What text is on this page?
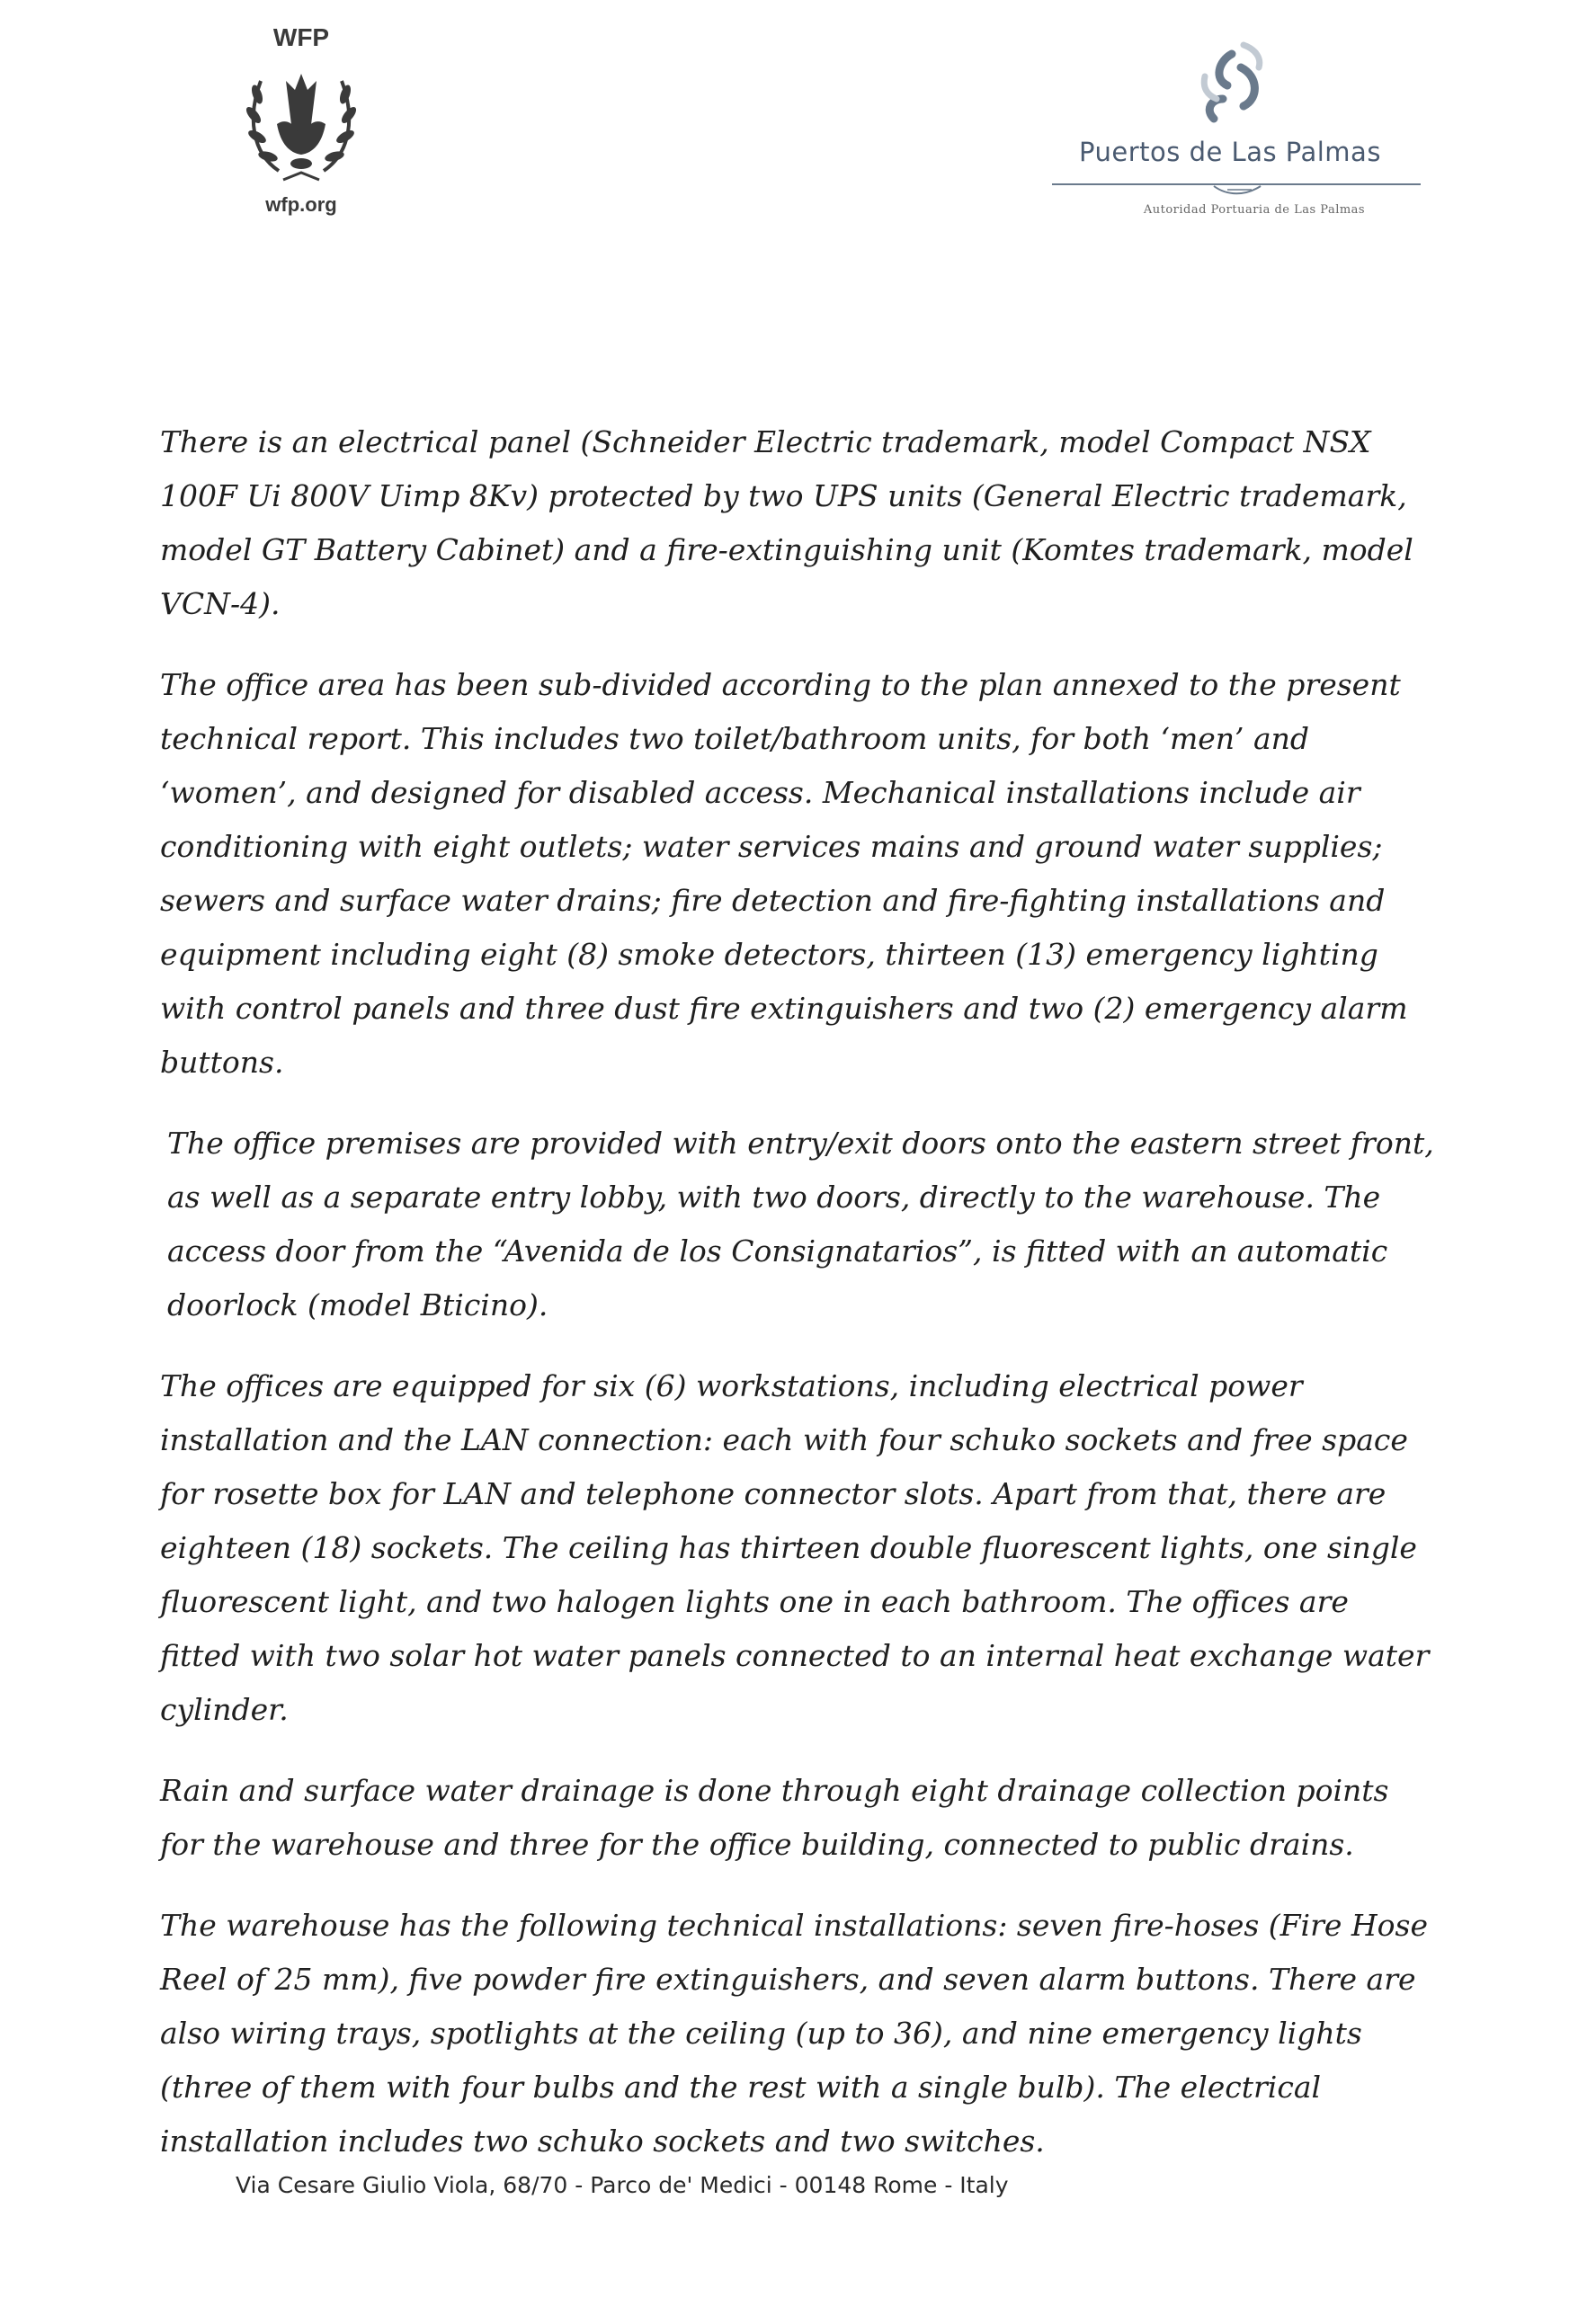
WFP
wfp.org
Puertos de Las Palmas
Autoridad Portuaria de Las Palmas

There is an electrical panel (Schneider Electric trademark, model Compact NSX 100F Ui 800V Uimp 8Kv) protected by two UPS units (General Electric trademark, model GT Battery Cabinet) and a fire-extinguishing unit (Komtes trademark, model VCN-4).

The office area has been sub-divided according to the plan annexed to the present technical report. This includes two toilet/bathroom units, for both ‘men’ and ‘women’, and designed for disabled access. Mechanical installations include air conditioning with eight outlets; water services mains and ground water supplies; sewers and surface water drains; fire detection and fire-fighting installations and equipment including eight (8) smoke detectors, thirteen (13) emergency lighting with control panels and three dust fire extinguishers and two (2) emergency alarm buttons.

The office premises are provided with entry/exit doors onto the eastern street front, as well as a separate entry lobby, with two doors, directly to the warehouse. The access door from the “Avenida de los Consignatarios”, is fitted with an automatic doorlock (model Bticino).

The offices are equipped for six (6) workstations, including electrical power installation and the LAN connection: each with four schuko sockets and free space for rosette box for LAN and telephone connector slots. Apart from that, there are eighteen (18) sockets. The ceiling has thirteen double fluorescent lights, one single fluorescent light, and two halogen lights one in each bathroom. The offices are fitted with two solar hot water panels connected to an internal heat exchange water cylinder.

Rain and surface water drainage is done through eight drainage collection points for the warehouse and three for the office building, connected to public drains.

The warehouse has the following technical installations: seven fire-hoses (Fire Hose Reel of 25 mm), five powder fire extinguishers, and seven alarm buttons. There are also wiring trays, spotlights at the ceiling (up to 36), and nine emergency lights (three of them with four bulbs and the rest with a single bulb). The electrical installation includes two schuko sockets and two switches.

Via Cesare Giulio Viola, 68/70 - Parco de' Medici - 00148 Rome - Italy
